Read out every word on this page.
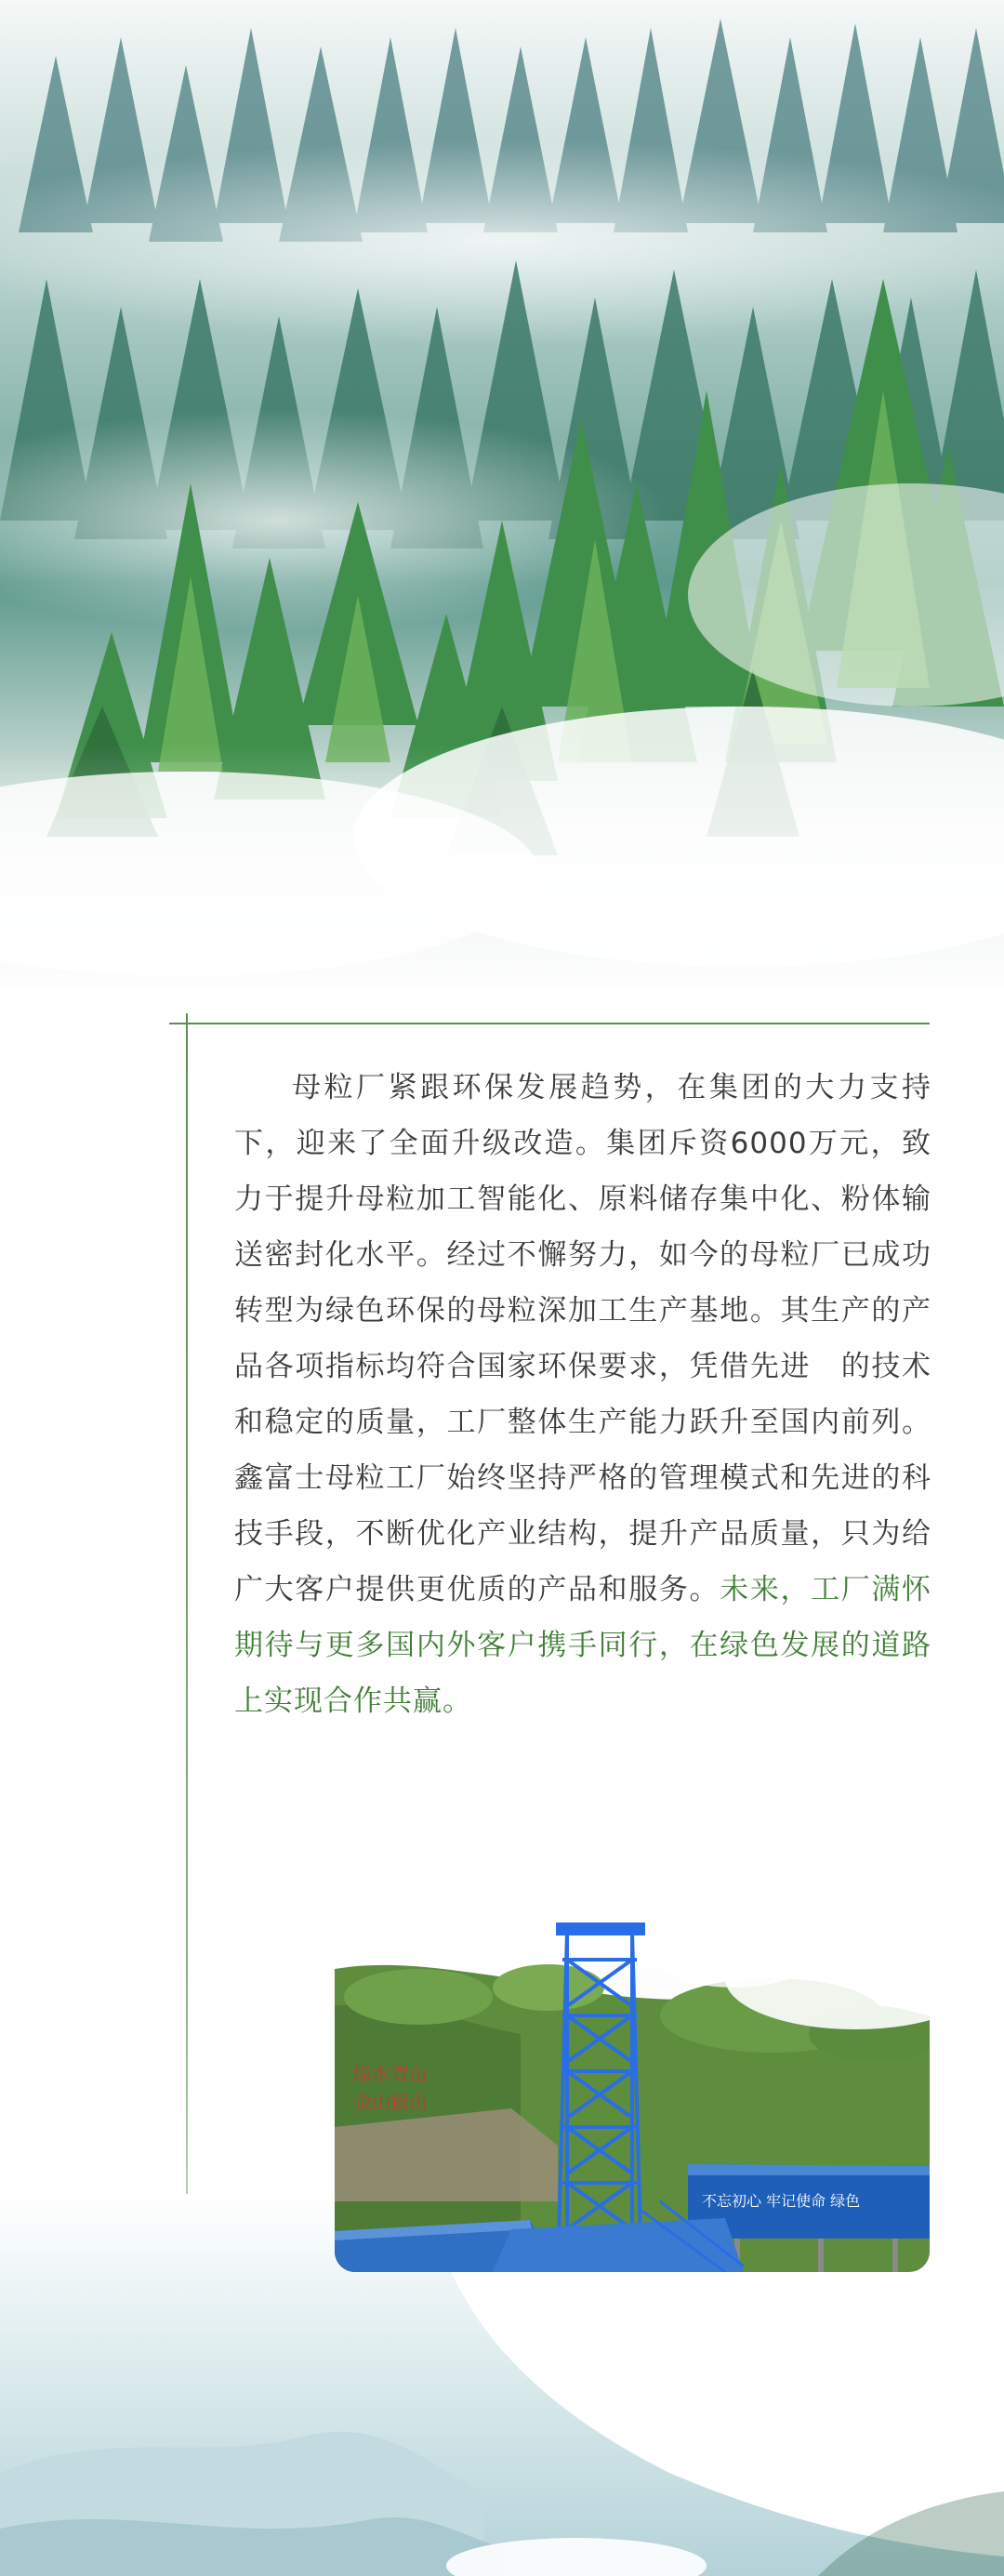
母粒厂紧跟环保发展趋势，在集团的大力支持下，迎来了全面升级改造。集团斥资6000万元，致力于提升母粒加工智能化、原料储存集中化、粉体输送密封化水平。经过不懈努力，如今的母粒厂已成功转型为绿色环保的母粒深加工生产基地。其生产的产品各项指标均符合国家环保要求，凭借先进　的技术和稳定的质量，工厂整体生产能力跃升至国内前列。鑫富士母粒工厂始终坚持严格的管理模式和先进的科技手段，不断优化产业结构，提升产品质量，只为给广大客户提供更优质的产品和服务。未来，工厂满怀期待与更多国内外客户携手同行，在绿色发展的道路上实现合作共赢。

绿水青山
金山银山
不忘初心 牢记使命 绿色
